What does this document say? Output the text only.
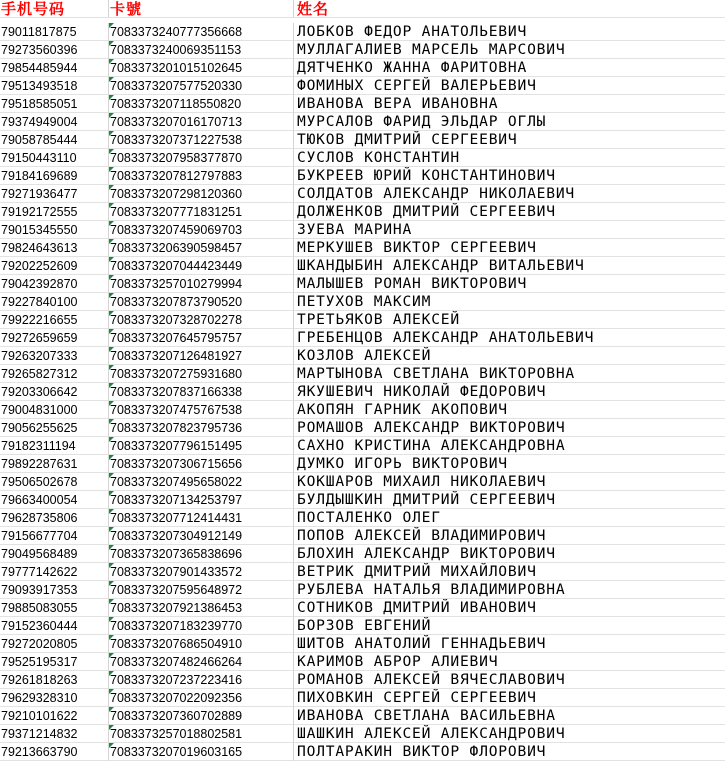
手机号码	卡號	姓名
79011817875	7083373240777356668	ЛОБКОВ ФЕДОР АНАТОЛЬЕВИЧ
79273560396	7083373240069351153	МУЛЛАГАЛИЕВ МАРСЕЛЬ МАРСОВИЧ
79854485944	7083373201015102645	ДЯТЧЕНКО ЖАННА ФАРИТОВНА
79513493518	7083373207577520330	ФОМИНЫХ СЕРГЕЙ ВАЛЕРЬЕВИЧ
79518585051	7083373207118550820	ИВАНОВА ВЕРА ИВАНОВНА
79374949004	7083373207016170713	МУРСАЛОВ ФАРИД ЭЛЬДАР ОГЛЫ
79058785444	7083373207371227538	ТЮКОВ ДМИТРИЙ СЕРГЕЕВИЧ
79150443110	7083373207958377870	СУСЛОВ КОНСТАНТИН
79184169689	7083373207812797883	БУКРЕЕВ ЮРИЙ КОНСТАНТИНОВИЧ
79271936477	7083373207298120360	СОЛДАТОВ АЛЕКСАНДР НИКОЛАЕВИЧ
79192172555	7083373207771831251	ДОЛЖЕНКОВ ДМИТРИЙ СЕРГЕЕВИЧ
79015345550	7083373207459069703	ЗУЕВА МАРИНА
79824643613	7083373206390598457	МЕРКУШЕВ ВИКТОР СЕРГЕЕВИЧ
79202252609	7083373207044423449	ШКАНДЫБИН АЛЕКСАНДР ВИТАЛЬЕВИЧ
79042392870	7083373257010279994	МАЛЫШЕВ РОМАН ВИКТОРОВИЧ
79227840100	7083373207873790520	ПЕТУХОВ МАКСИМ
79922216655	7083373207328702278	ТРЕТЬЯКОВ АЛЕКСЕЙ
79272659659	7083373207645795757	ГРЕБЕНЦОВ АЛЕКСАНДР АНАТОЛЬЕВИЧ
79263207333	7083373207126481927	КОЗЛОВ АЛЕКСЕЙ
79265827312	7083373207275931680	МАРТЫНОВА СВЕТЛАНА ВИКТОРОВНА
79203306642	7083373207837166338	ЯКУШЕВИЧ НИКОЛАЙ ФЕДОРОВИЧ
79004831000	7083373207475767538	АКОПЯН ГАРНИК АКОПОВИЧ
79056255625	7083373207823795736	РОМАШОВ АЛЕКСАНДР ВИКТОРОВИЧ
79182311194	7083373207796151495	САХНО КРИСТИНА АЛЕКСАНДРОВНА
79892287631	7083373207306715656	ДУМКО ИГОРЬ ВИКТОРОВИЧ
79506502678	7083373207495658022	КОКШАРОВ МИХАИЛ НИКОЛАЕВИЧ
79663400054	7083373207134253797	БУЛДЫШКИН ДМИТРИЙ СЕРГЕЕВИЧ
79628735806	7083373207712414431	ПОСТАЛЕНКО ОЛЕГ
79156677704	7083373207304912149	ПОПОВ АЛЕКСЕЙ ВЛАДИМИРОВИЧ
79049568489	7083373207365838696	БЛОХИН АЛЕКСАНДР ВИКТОРОВИЧ
79777142622	7083373207901433572	ВЕТРИК ДМИТРИЙ МИХАЙЛОВИЧ
79093917353	7083373207595648972	РУБЛЕВА НАТАЛЬЯ ВЛАДИМИРОВНА
79885083055	7083373207921386453	СОТНИКОВ ДМИТРИЙ ИВАНОВИЧ
79152360444	7083373207183239770	БОРЗОВ ЕВГЕНИЙ
79272020805	7083373207686504910	ШИТОВ АНАТОЛИЙ ГЕННАДЬЕВИЧ
79525195317	7083373207482466264	КАРИМОВ АБРОР АЛИЕВИЧ
79261818263	7083373207237223416	РОМАНОВ АЛЕКСЕЙ ВЯЧЕСЛАВОВИЧ
79629328310	7083373207022092356	ПИХОВКИН СЕРГЕЙ СЕРГЕЕВИЧ
79210101622	7083373207360702889	ИВАНОВА СВЕТЛАНА ВАСИЛЬЕВНА
79371214832	7083373257018802581	ШАШКИН АЛЕКСЕЙ АЛЕКСАНДРОВИЧ
79213663790	7083373207019603165	ПОЛТАРАКИН ВИКТОР ФЛОРОВИЧ
